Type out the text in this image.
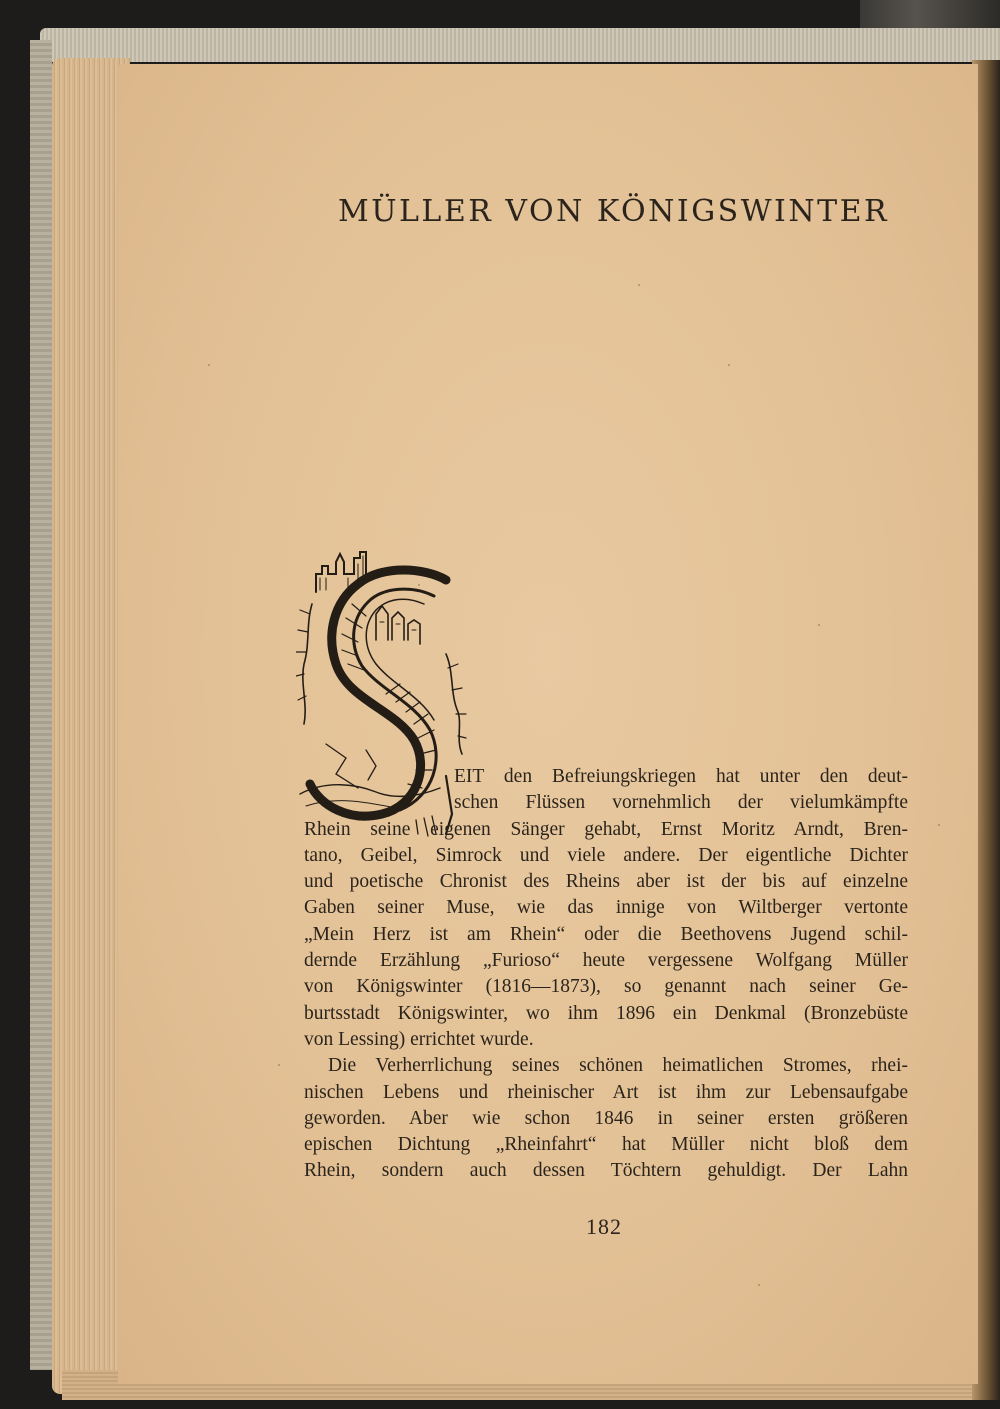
MÜLLER VON KÖNIGSWINTER
EIT den Befreiungskriegen hat unter den deut-
schen Flüssen vornehmlich der vielumkämpfte
Rhein seine eigenen Sänger gehabt, Ernst Moritz Arndt, Bren-
tano, Geibel, Simrock und viele andere. Der eigentliche Dichter
und poetische Chronist des Rheins aber ist der bis auf einzelne
Gaben seiner Muse, wie das innige von Wiltberger vertonte
„Mein Herz ist am Rhein“ oder die Beethovens Jugend schil-
dernde Erzählung „Furioso“ heute vergessene Wolfgang Müller
von Königswinter (1816—1873), so genannt nach seiner Ge-
burtsstadt Königswinter, wo ihm 1896 ein Denkmal (Bronzebüste
von Lessing) errichtet wurde.
Die Verherrlichung seines schönen heimatlichen Stromes, rhei-
nischen Lebens und rheinischer Art ist ihm zur Lebensaufgabe
geworden. Aber wie schon 1846 in seiner ersten größeren
epischen Dichtung „Rheinfahrt“ hat Müller nicht bloß dem
Rhein, sondern auch dessen Töchtern gehuldigt. Der Lahn
182
